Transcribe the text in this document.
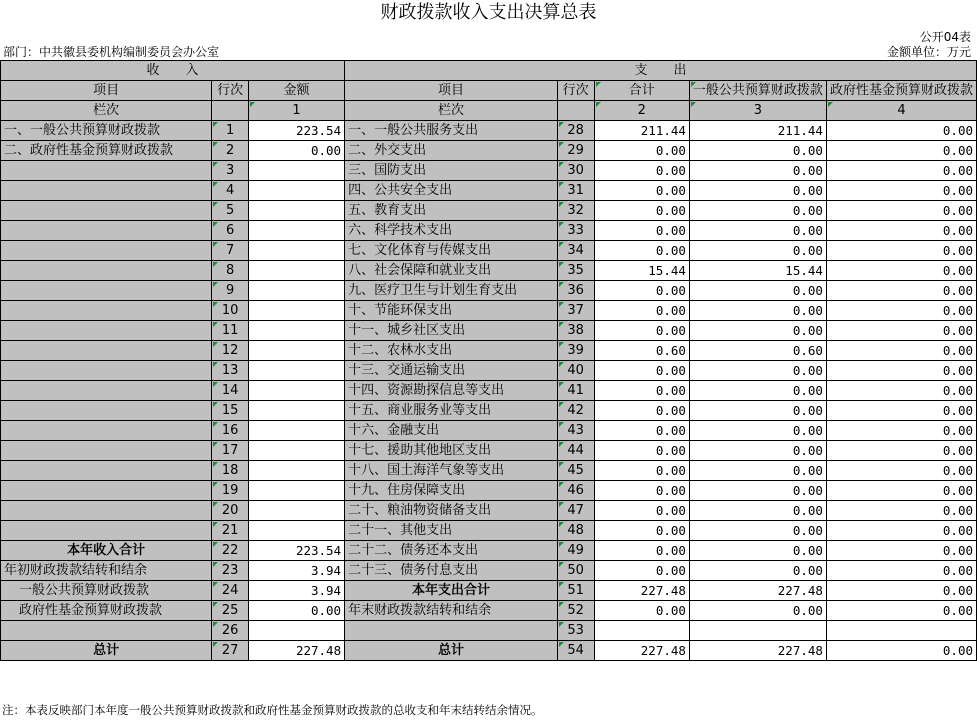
财政拨款收入支出决算总表
公开04表
部门：中共徽县委机构编制委员会办公室	金额单位：万元
收　　入			支　　出				
项目	行次	金额	项目	行次	合计	一般公共预算财政拨款	政府性基金预算财政拨款
栏次		1	栏次		2	3	4
一、一般公共预算财政拨款	1	223.54	一、一般公共服务支出	28	211.44	211.44	0.00
二、政府性基金预算财政拨款	2	0.00	二、外交支出	29	0.00	0.00	0.00
	3		三、国防支出	30	0.00	0.00	0.00
	4		四、公共安全支出	31	0.00	0.00	0.00
	5		五、教育支出	32	0.00	0.00	0.00
	6		六、科学技术支出	33	0.00	0.00	0.00
	7		七、文化体育与传媒支出	34	0.00	0.00	0.00
	8		八、社会保障和就业支出	35	15.44	15.44	0.00
	9		九、医疗卫生与计划生育支出	36	0.00	0.00	0.00
	10		十、节能环保支出	37	0.00	0.00	0.00
	11		十一、城乡社区支出	38	0.00	0.00	0.00
	12		十二、农林水支出	39	0.60	0.60	0.00
	13		十三、交通运输支出	40	0.00	0.00	0.00
	14		十四、资源勘探信息等支出	41	0.00	0.00	0.00
	15		十五、商业服务业等支出	42	0.00	0.00	0.00
	16		十六、金融支出	43	0.00	0.00	0.00
	17		十七、援助其他地区支出	44	0.00	0.00	0.00
	18		十八、国土海洋气象等支出	45	0.00	0.00	0.00
	19		十九、住房保障支出	46	0.00	0.00	0.00
	20		二十、粮油物资储备支出	47	0.00	0.00	0.00
	21		二十一、其他支出	48	0.00	0.00	0.00
本年收入合计	22	223.54	二十二、债务还本支出	49	0.00	0.00	0.00
年初财政拨款结转和结余	23	3.94	二十三、债务付息支出	50	0.00	0.00	0.00
一般公共预算财政拨款	24	3.94	本年支出合计	51	227.48	227.48	0.00
政府性基金预算财政拨款	25	0.00	年末财政拨款结转和结余	52	0.00	0.00	0.00
	26			53			
总计	27	227.48	总计	54	227.48	227.48	0.00
注：本表反映部门本年度一般公共预算财政拨款和政府性基金预算财政拨款的总收支和年末结转结余情况。
